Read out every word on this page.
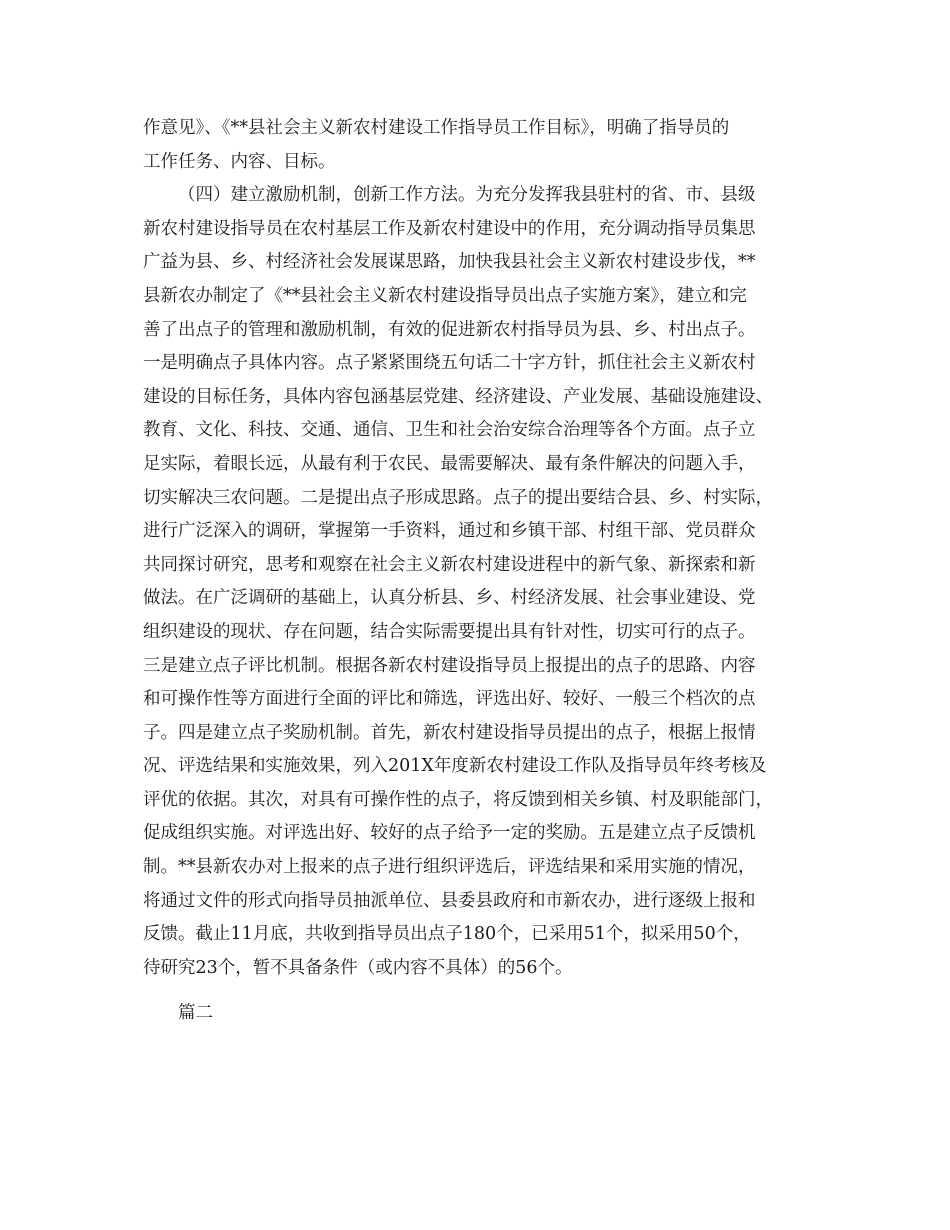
作意见》、《**县社会主义新农村建设工作指导员工作目标》，明确了指导员的
工作任务、内容、目标。
（四）建立激励机制，创新工作方法。为充分发挥我县驻村的省、市、县级
新农村建设指导员在农村基层工作及新农村建设中的作用，充分调动指导员集思
广益为县、乡、村经济社会发展谋思路，加快我县社会主义新农村建设步伐，**
县新农办制定了《**县社会主义新农村建设指导员出点子实施方案》，建立和完
善了出点子的管理和激励机制，有效的促进新农村指导员为县、乡、村出点子。
一是明确点子具体内容。点子紧紧围绕五句话二十字方针，抓住社会主义新农村
建设的目标任务，具体内容包涵基层党建、经济建设、产业发展、基础设施建设、
教育、文化、科技、交通、通信、卫生和社会治安综合治理等各个方面。点子立
足实际，着眼长远，从最有利于农民、最需要解决、最有条件解决的问题入手，
切实解决三农问题。二是提出点子形成思路。点子的提出要结合县、乡、村实际，
进行广泛深入的调研，掌握第一手资料，通过和乡镇干部、村组干部、党员群众
共同探讨研究，思考和观察在社会主义新农村建设进程中的新气象、新探索和新
做法。在广泛调研的基础上，认真分析县、乡、村经济发展、社会事业建设、党
组织建设的现状、存在问题，结合实际需要提出具有针对性，切实可行的点子。
三是建立点子评比机制。根据各新农村建设指导员上报提出的点子的思路、内容
和可操作性等方面进行全面的评比和筛选，评选出好、较好、一般三个档次的点
子。四是建立点子奖励机制。首先，新农村建设指导员提出的点子，根据上报情
况、评选结果和实施效果，列入201X年度新农村建设工作队及指导员年终考核及
评优的依据。其次，对具有可操作性的点子，将反馈到相关乡镇、村及职能部门，
促成组织实施。对评选出好、较好的点子给予一定的奖励。五是建立点子反馈机
制。**县新农办对上报来的点子进行组织评选后，评选结果和采用实施的情况，
将通过文件的形式向指导员抽派单位、县委县政府和市新农办，进行逐级上报和
反馈。截止11月底，共收到指导员出点子180个，已采用51个，拟采用50个，
待研究23个，暂不具备条件（或内容不具体）的56个。
篇二
